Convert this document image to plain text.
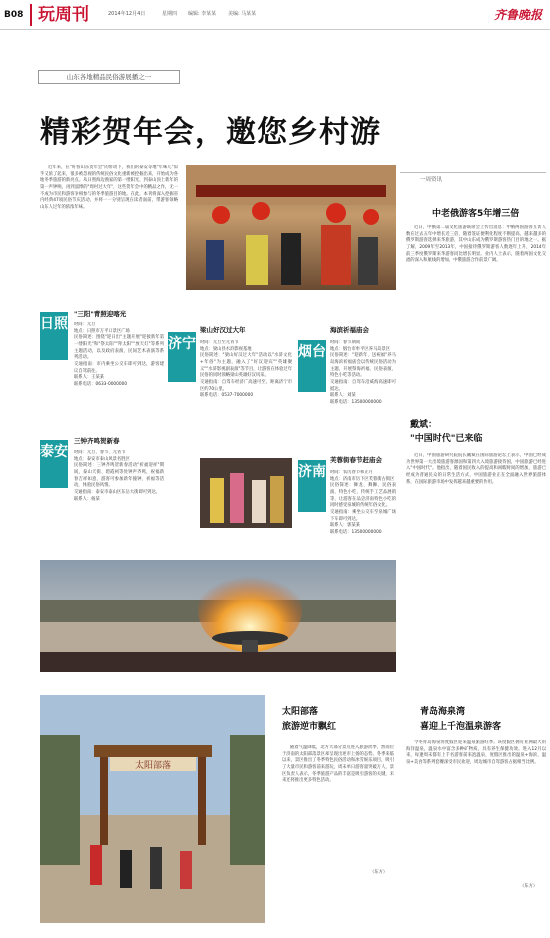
B08 玩周刊	2014年12月4日	星期四 编辑: 李某某 美编: 马某某	齐鲁晚报
山东各地精品民俗游展播之一
精彩贺年会，邀您乡村游
近年来，在"好客山东贺年会"的带动下，我们的泰安等地"年味儿"似乎又浓了起来，很多被忽视的传统民俗文化重新被挖掘出来，开始成为各地冬季旅游的新亮点。从日照海边渔家的第一缕阳光，到泰山顶上新年的第一声钟响，再到淄博的"周村过大年"，这些贺年会中的精品之作，无一不成为市民和游客争相参与的冬季旅游目的地。在此，本刊将深入挖掘省内经典47项民俗节庆活动，并将一一分别呈现在读者面前，带游客领略山东人过年的浓浓年味。
一周资讯
中老俄游客5年增三倍
近日，中俄第二届文化旅游联席会上传出消息：中俄两国游客互访人数在过去五年中增长近三倍，随着签证便利化程度不断提高，越来越多的俄罗斯游客选择来华旅游，其中山东成为俄罗斯游客热门目的地之一。据了解，2009年至2013年，中国接待俄罗斯游客人数逐年上升，2014年前三季度俄罗斯来华游客同比增长明显。业内人士表示，随着两国文化交流的深入和航线的增加，中俄旅游合作前景广阔。
戴斌：
"中国时代"已来临
近日，中国旅游研究院院长戴斌在国际旅游论坛上表示，中国已经成为世界第一大出境旅游客源国和第四大入境旅游接待国，中国旅游已经进入"中国时代"。他指出，随着国民收入的提高和闲暇时间的增加，旅游已经成为普通民众的日常生活方式，中国旅游业正在全面融入世界旅游体系，在国际旅游市场中发挥越来越重要的作用。
日照
"三阳"青照迎喀光
时间：元旦
地点：日照市万平口景区广场
民俗简述：围绕"迎日出"主题开展"迎接新年第一缕阳光"和"祭太阳""拜太阳""放天灯"等系列主题活动，以及政府表演、民间艺术表演等系列活动。
交通指南：市内乘坐公交车即可到达，游客建议自驾前往。
联系人：王某某
联系电话：0633-0000000
泰安
三钟齐鸣贺新春
时间：元旦、春节、元宵节
地点：泰安市泰山风景名胜区
民俗简述：三钟齐鸣贺新春活动"祈福迎祥"期间，泰山天街、碧霞祠等处钟声齐鸣，祝福新春吉祥如意，游客可参加新年撞钟、祈福等活动，体验民俗风情。
交通指南：泰安市泰山区东岳大街即可到达。
联系人：杨某
济宁
梁山好汉过大年
时间：元旦至元宵节
地点：梁山县水浒影视基地
民俗简述："梁山好汉过大年"活动以"水浒文化+年俗"为主题，融入了"好汉迎宾""英雄聚义""水浒影视剧表演"等节目，让游客在体验过年民俗的同时领略梁山英雄好汉风采。
交通指南：自驾车经济广高速可至，距离济宁市区约70公里。
联系电话：0537-7000000
烟台
海滨祈福庙会
时间：春节期间
地点：烟台市牟平区养马岛景区
民俗简述："迎新年、送祝福"养马岛海滨祈福庙会以传统民俗活动为主题，开展祭海祈福、民俗表演、特色小吃等活动。
交通指南：自驾车沿威海高速即可抵达。
联系人：刘某
联系电话：13500000000
济南
芙蓉街春节赶庙会
时间：农历春节和正月
地点：济南市历下区芙蓉街古街区
民俗简述：舞龙、舞狮、民俗表演、特色小吃、传统手工艺品展销等，让游客在品尝济南特色小吃的同时感受泉城的传统年俗文化。
交通指南：乘坐公交车至泉城广场下车即可到达。
联系人：郭某某
联系电话：13500000000
太阳部落
太阳部落
旅游逆市飘红
随着气温降低，北方大部分景点进入旅游淡季，然而位于济南的太阳部落景区却呈现出逆市上扬的态势。冬季来临以来，景区推出了冬季特色民俗活动和冰雪娱乐项目，吸引了大量市民和游客前来游玩，周末单日游客量突破万人，景区负责人表示，冬季旅游产品的丰富是吸引游客的关键，未来还将推出更多特色活动。
（东方）
青岛海泉湾
喜迎上千泡温泉游客
今冬青岛海泉湾度假区迎来温泉旅游旺季。该度假区拥有亚洲最大的海洋温泉，温泉水中富含多种矿物质，具有养生保健功效。进入12月以来，每逢周末都有上千名游客前来泡温泉，度假区推出的温泉+海滨、温泉+美食等系列套餐深受市民欢迎，周边城市自驾游客占据相当比例。
（东方）
